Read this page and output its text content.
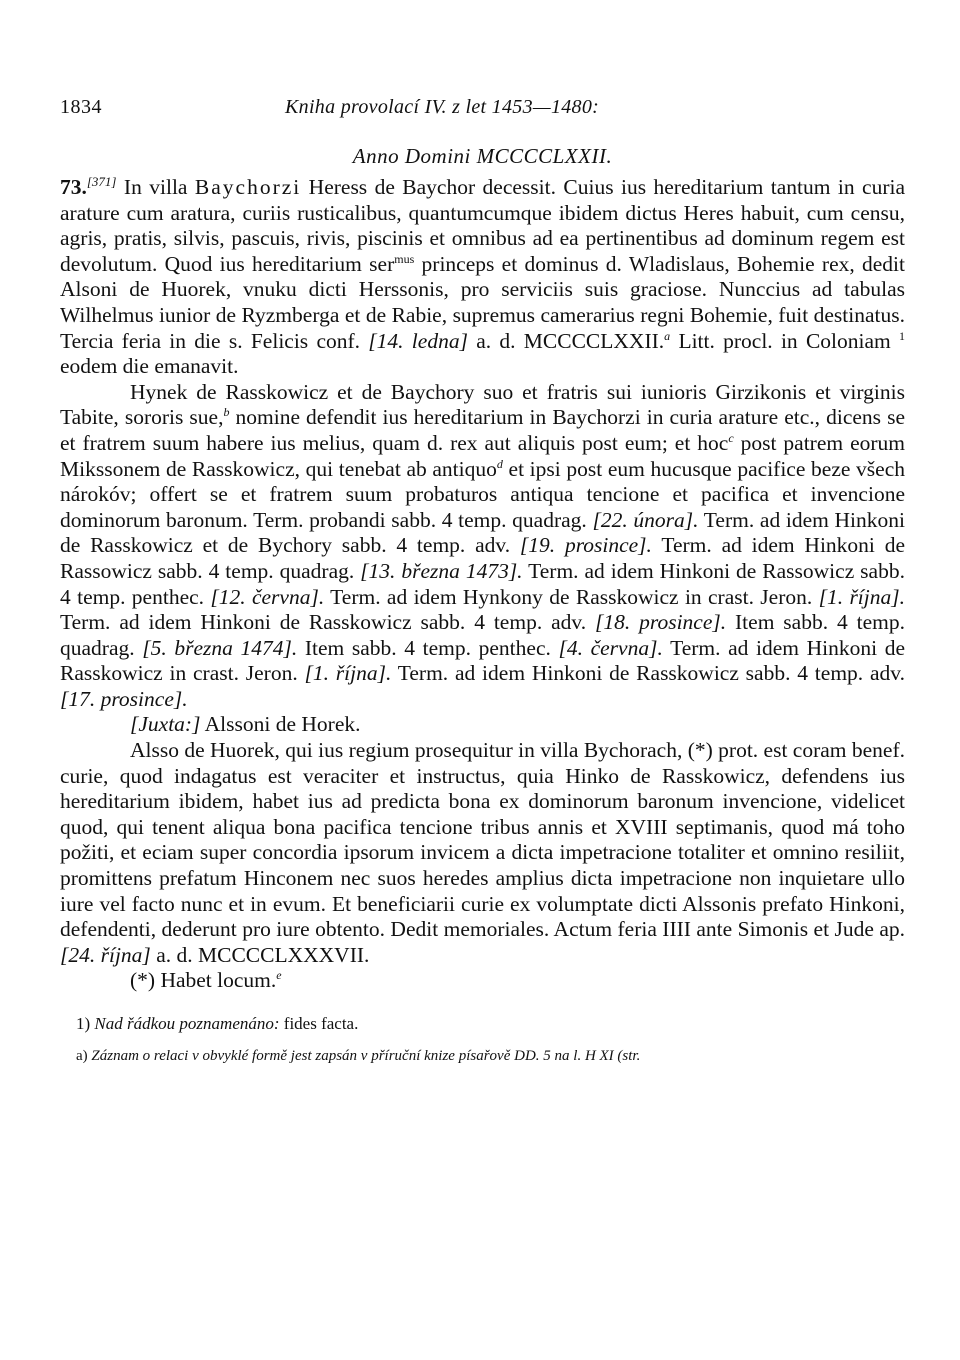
1834	Kniha provolací IV. z let 1453—1480:
Anno Domini MCCCCLXXII.

73.[371] In villa Baychorzi Heress de Baychor decessit. Cuius ius hereditarium tantum in curia arature cum aratura, curiis rusticalibus, quantumcumque ibidem dictus Heres habuit, cum censu, agris, pratis, silvis, pascuis, rivis, piscinis et omnibus ad ea pertinentibus ad dominum regem est devolutum. Quod ius hereditarium ser$^{mus}$ princeps et dominus d. Wladislaus, Bohemie rex, dedit Alsoni de Huorek, vnuku dicti Herssonis, pro serviciis suis graciose. Nunccius ad tabulas Wilhelmus iunior de Ryzmberga et de Rabie, supremus camerarius regni Bohemie, fuit destinatus. Tercia feria in die s. Felicis conf. [14. ledna] a. d. MCCCCLXXII.$^a$ Litt. procl. in Coloniam $^1$ eodem die emanavit.

Hynek de Rasskowicz et de Baychory suo et fratris sui iunioris Girzikonis et virginis Tabite, sororis sue,$^b$ nomine defendit ius hereditarium in Baychorzi in curia arature etc., dicens se et fratrem suum habere ius melius, quam d. rex aut aliquis post eum; et hoc$^c$ post patrem eorum Mikssonem de Rasskowicz, qui tenebat ab antiquo$^d$ et ipsi post eum hucusque pacifice beze všech nárokóv; offert se et fratrem suum probaturos antiqua tencione et pacifica et invencione dominorum baronum. Term. probandi sabb. 4 temp. quadrag. [22. února]. Term. ad idem Hinkoni de Rasskowicz et de Bychory sabb. 4 temp. adv. [19. prosince]. Term. ad idem Hinkoni de Rassowicz sabb. 4 temp. quadrag. [13. března 1473]. Term. ad idem Hinkoni de Rassowicz sabb. 4 temp. penthec. [12. června]. Term. ad idem Hynkony de Rasskowicz in crast. Jeron. [1. října]. Term. ad idem Hinkoni de Rasskowicz sabb. 4 temp. adv. [18. prosince]. Item sabb. 4 temp. quadrag. [5. března 1474]. Item sabb. 4 temp. penthec. [4. června]. Term. ad idem Hinkoni de Rasskowicz in crast. Jeron. [1. října]. Term. ad idem Hinkoni de Rasskowicz sabb. 4 temp. adv. [17. prosince].

[Juxta:] Alssoni de Horek.

Alsso de Huorek, qui ius regium prosequitur in villa Bychorach, (*) prot. est coram benef. curie, quod indagatus est veraciter et instructus, quia Hinko de Rasskowicz, defendens ius hereditarium ibidem, habet ius ad predicta bona ex dominorum baronum invencione, videlicet quod, qui tenent aliqua bona pacifica tencione tribus annis et XVIII septimanis, quod má toho požiti, et eciam super concordia ipsorum invicem a dicta impetracione totaliter et omnino resiliit, promittens prefatum Hinconem nec suos heredes amplius dicta impetracione non inquietare ullo iure vel facto nunc et in evum. Et beneficiarii curie ex volumptate dicti Alssonis prefato Hinkoni, defendenti, dederunt pro iure obtento. Dedit memoriales. Actum feria IIII ante Simonis et Jude ap. [24. října] a. d. MCCCCLXXXVII.

(*) Habet locum.$^e$

1) Nad řádkou poznamenáno: fides facta.

a) Záznam o relaci v obvyklé formě jest zapsán v příruční knize písařově DD. 5 na l. H XI (str.
